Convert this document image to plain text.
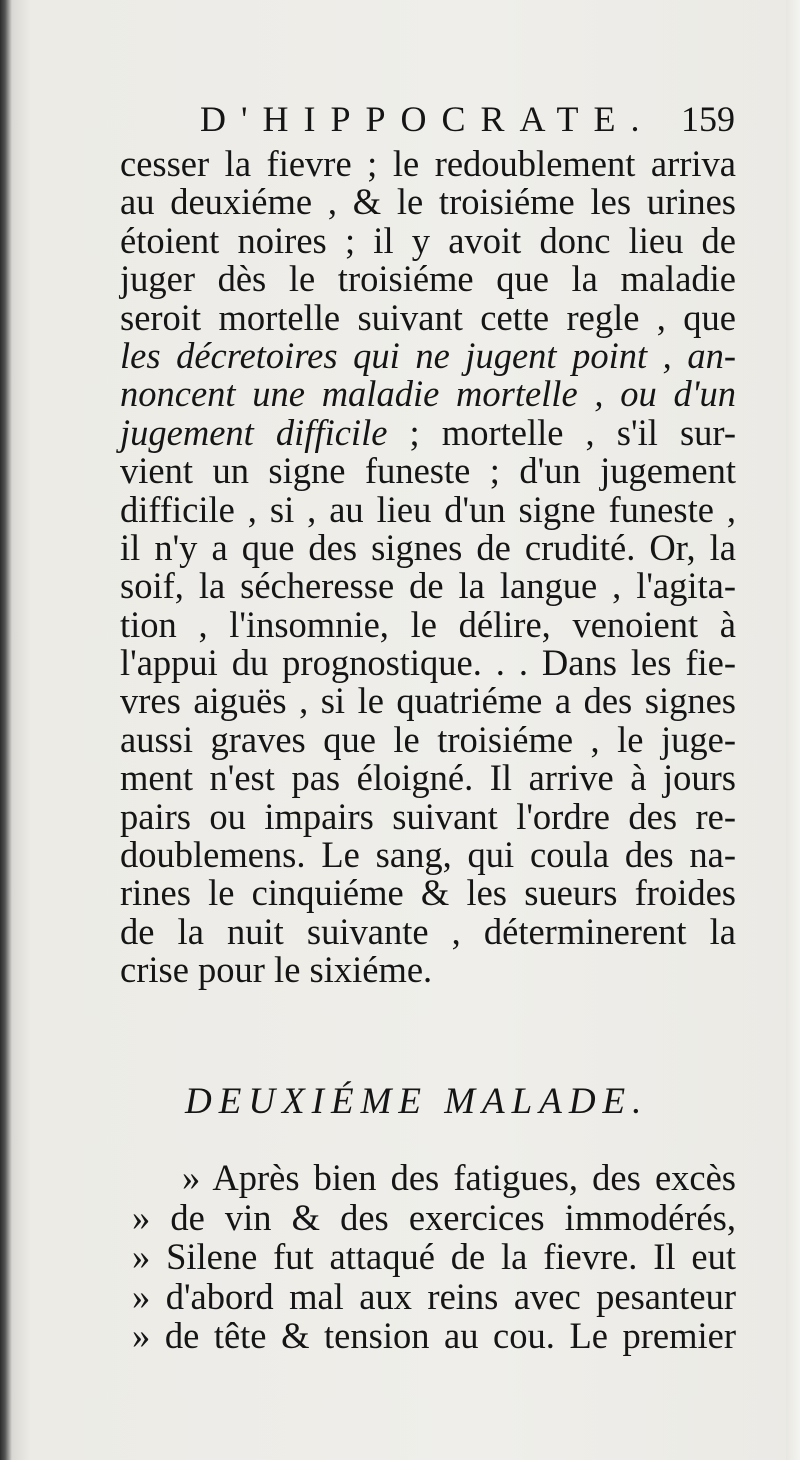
D'HIPPOCRATE. 159
cesser la fievre ; le redoublement arriva
au deuxiéme , & le troisiéme les urines
étoient noires ; il y avoit donc lieu de
juger dès le troisiéme que la maladie
seroit mortelle suivant cette regle , que
les décretoires qui ne jugent point , an-
noncent une maladie mortelle , ou d'un
jugement difficile ; mortelle , s'il sur-
vient un signe funeste ; d'un jugement
difficile , si , au lieu d'un signe funeste ,
il n'y a que des signes de crudité. Or, la
soif, la sécheresse de la langue , l'agita-
tion , l'insomnie, le délire, venoient à
l'appui du prognostique. . . Dans les fie-
vres aiguës , si le quatriéme a des signes
aussi graves que le troisiéme , le juge-
ment n'est pas éloigné. Il arrive à jours
pairs ou impairs suivant l'ordre des re-
doublemens. Le sang, qui coula des na-
rines le cinquiéme & les sueurs froides
de la nuit suivante , déterminerent la
crise pour le sixiéme.
DEUXIÉME MALADE.
» Après bien des fatigues, des excès
» de vin & des exercices immodérés,
» Silene fut attaqué de la fievre. Il eut
» d'abord mal aux reins avec pesanteur
» de tête & tension au cou. Le premier
